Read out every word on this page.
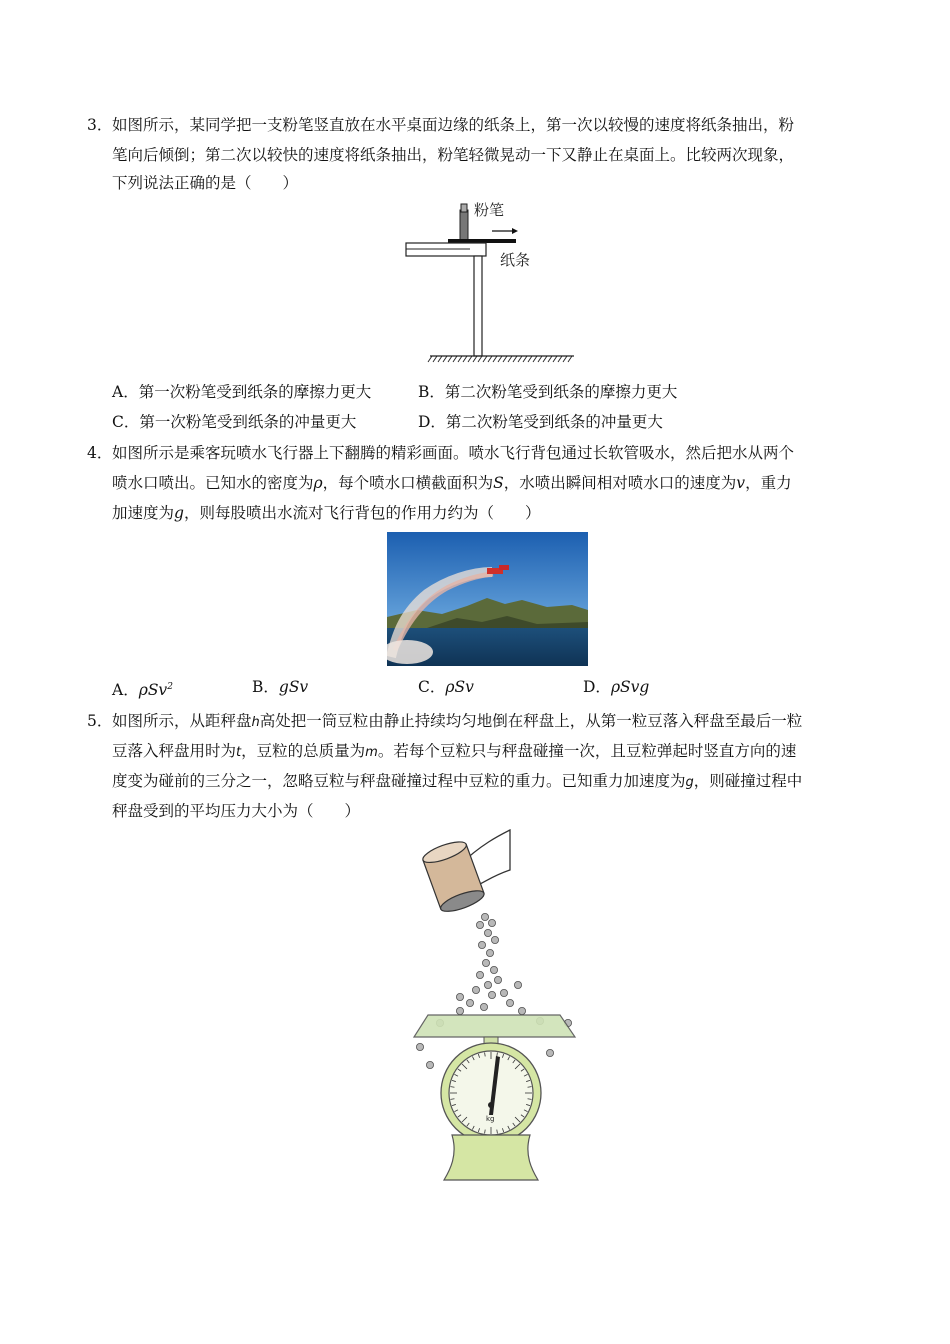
3． 如图所示，某同学把一支粉笔竖直放在水平桌面边缘的纸条上，第一次以较慢的速度将纸条抽出，粉
笔向后倾倒；第二次以较快的速度将纸条抽出，粉笔轻微晃动一下又静止在桌面上。比较两次现象，
下列说法正确的是（　　）
粉笔
纸条
A．第一次粉笔受到纸条的摩擦力更大	B．第二次粉笔受到纸条的摩擦力更大
C．第一次粉笔受到纸条的冲量更大	D．第二次粉笔受到纸条的冲量更大
4． 如图所示是乘客玩喷水飞行器上下翻腾的精彩画面。喷水飞行背包通过长软管吸水，然后把水从两个
喷水口喷出。已知水的密度为ρ，每个喷水口横截面积为S，水喷出瞬间相对喷水口的速度为v，重力
加速度为g，则每股喷出水流对飞行背包的作用力约为（　　）
A．ρSv$^2$	B．gSv	C．ρSv	D．ρSvg
5． 如图所示，从距秤盘h高处把一筒豆粒由静止持续均匀地倒在秤盘上，从第一粒豆落入秤盘至最后一粒
豆落入秤盘用时为t，豆粒的总质量为m。若每个豆粒只与秤盘碰撞一次，且豆粒弹起时竖直方向的速
度变为碰前的三分之一，忽略豆粒与秤盘碰撞过程中豆粒的重力。已知重力加速度为g，则碰撞过程中
秤盘受到的平均压力大小为（　　）
kg
